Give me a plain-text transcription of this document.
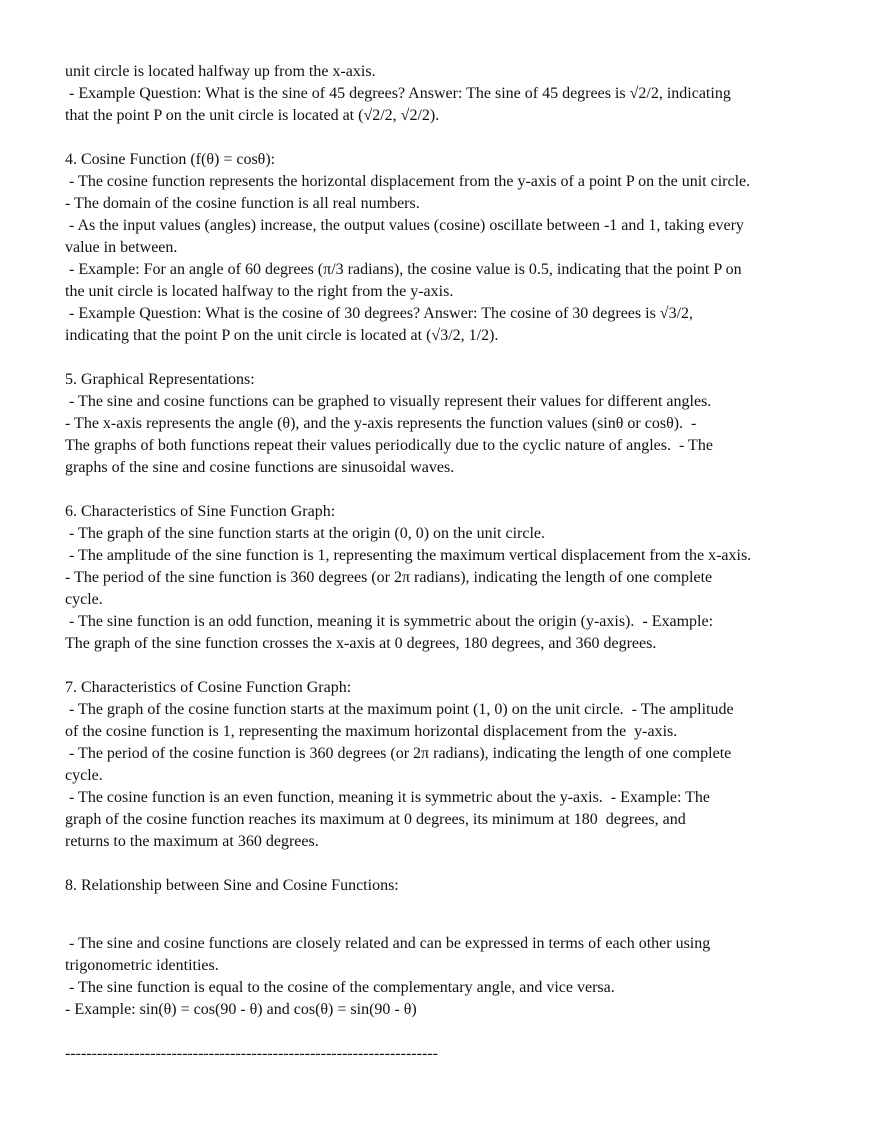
unit circle is located halfway up from the x-axis.
- Example Question: What is the sine of 45 degrees? Answer: The sine of 45 degrees is √2/2, indicating
that the point P on the unit circle is located at (√2/2, √2/2).
4. Cosine Function (f(θ) = cosθ):
- The cosine function represents the horizontal displacement from the y-axis of a point P on the unit circle.
- The domain of the cosine function is all real numbers.
- As the input values (angles) increase, the output values (cosine) oscillate between -1 and 1, taking every
value in between.
- Example: For an angle of 60 degrees (π/3 radians), the cosine value is 0.5, indicating that the point P on
the unit circle is located halfway to the right from the y-axis.
- Example Question: What is the cosine of 30 degrees? Answer: The cosine of 30 degrees is √3/2,
indicating that the point P on the unit circle is located at (√3/2, 1/2).
5. Graphical Representations:
- The sine and cosine functions can be graphed to visually represent their values for different angles.
- The x-axis represents the angle (θ), and the y-axis represents the function values (sinθ or cosθ).  -
The graphs of both functions repeat their values periodically due to the cyclic nature of angles.  - The
graphs of the sine and cosine functions are sinusoidal waves.
6. Characteristics of Sine Function Graph:
- The graph of the sine function starts at the origin (0, 0) on the unit circle.
- The amplitude of the sine function is 1, representing the maximum vertical displacement from the x-axis.
- The period of the sine function is 360 degrees (or 2π radians), indicating the length of one complete
cycle.
- The sine function is an odd function, meaning it is symmetric about the origin (y-axis).  - Example:
The graph of the sine function crosses the x-axis at 0 degrees, 180 degrees, and 360 degrees.
7. Characteristics of Cosine Function Graph:
- The graph of the cosine function starts at the maximum point (1, 0) on the unit circle.  - The amplitude
of the cosine function is 1, representing the maximum horizontal displacement from the  y-axis.
- The period of the cosine function is 360 degrees (or 2π radians), indicating the length of one complete
cycle.
- The cosine function is an even function, meaning it is symmetric about the y-axis.  - Example: The
graph of the cosine function reaches its maximum at 0 degrees, its minimum at 180  degrees, and
returns to the maximum at 360 degrees.
8. Relationship between Sine and Cosine Functions:
- The sine and cosine functions are closely related and can be expressed in terms of each other using
trigonometric identities.
- The sine function is equal to the cosine of the complementary angle, and vice versa.
- Example: sin(θ) = cos(90 - θ) and cos(θ) = sin(90 - θ)
----------------------------------------------------------------------
